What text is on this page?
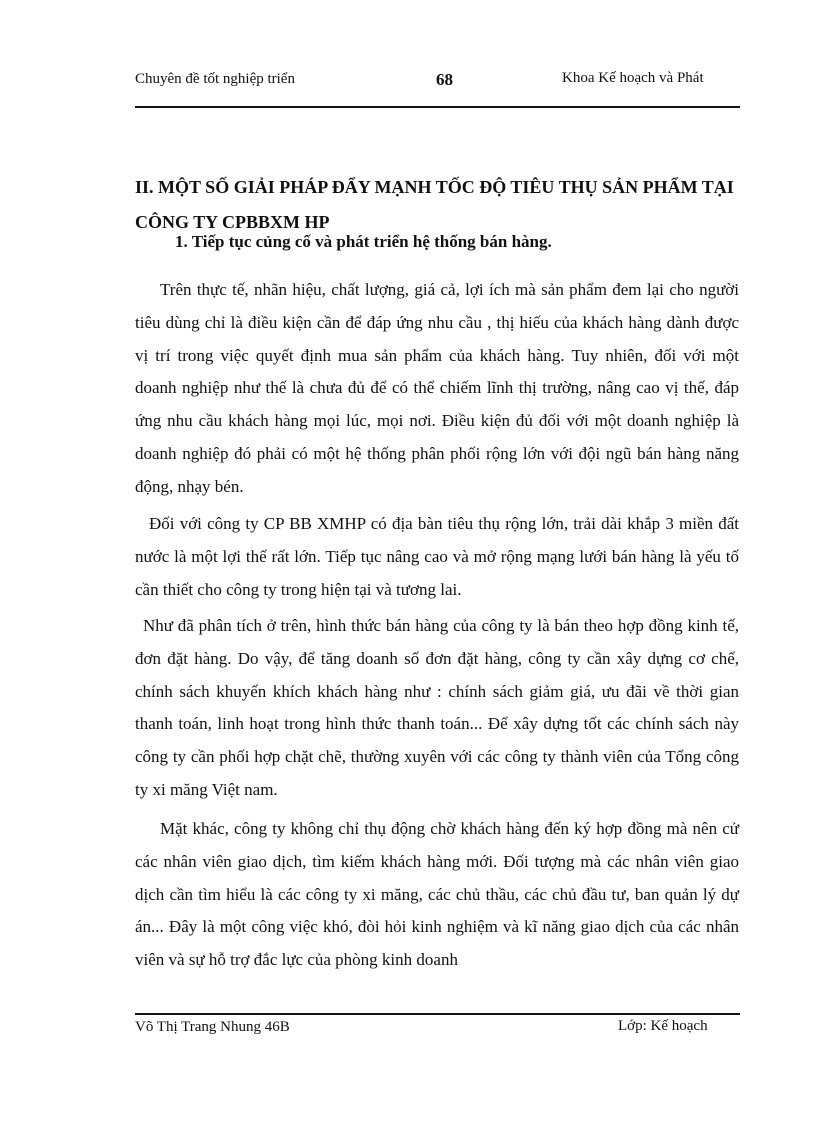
Chuyên đề tốt nghiệp triển	68	Khoa Kế hoạch và Phát
II. MỘT SỐ GIẢI PHÁP ĐẨY MẠNH TỐC ĐỘ TIÊU THỤ SẢN PHẨM TẠI CÔNG TY CPBBXM HP
1. Tiếp tục củng cố và phát triển hệ thống bán hàng.
Trên thực tế, nhãn hiệu, chất lượng, giá cả, lợi ích mà sản phẩm đem lại cho người tiêu dùng chỉ là điều kiện cần để đáp ứng nhu cầu , thị hiếu của khách hàng dành được vị trí trong việc quyết định mua sản phẩm của khách hàng. Tuy nhiên, đối với một doanh nghiệp như thế là chưa đủ để có thể chiếm lĩnh thị trường, nâng cao vị thế, đáp ứng nhu cầu khách hàng mọi lúc, mọi nơi. Điều kiện đủ đối với một doanh nghiệp là doanh nghiệp đó phải có một hệ thống phân phối rộng lớn với đội ngũ bán hàng năng động, nhạy bén.
Đối với công ty CP BB XMHP có địa bàn tiêu thụ rộng lớn, trải dài khắp 3 miền đất nước là một lợi thế rất lớn. Tiếp tục nâng cao và mở rộng mạng lưới bán hàng là yếu tố cần thiết cho công ty trong hiện tại và tương lai.
Như đã phân tích ở trên, hình thức bán hàng của công ty là bán theo hợp đồng kinh tế, đơn đặt hàng. Do vậy, để tăng doanh số đơn đặt hàng, công ty cần xây dựng cơ chế, chính sách khuyến khích khách hàng như : chính sách giảm giá, ưu đãi về thời gian thanh toán, linh hoạt trong hình thức thanh toán... Để xây dựng tốt các chính sách này công ty cần phối hợp chặt chẽ, thường xuyên với các công ty thành viên của Tổng công ty xi măng Việt nam.
Mặt khác, công ty không chỉ thụ động chờ khách hàng đến ký hợp đồng mà nên cử các nhân viên giao dịch, tìm kiếm khách hàng mới. Đối tượng mà các nhân viên giao dịch cần tìm hiểu là các công ty xi măng, các chủ thầu, các chủ đầu tư, ban quản lý dự án... Đây là một công việc khó, đòi hỏi kinh nghiệm và kĩ năng giao dịch của các nhân viên và sự hỗ trợ đắc lực của phòng kinh doanh
Võ Thị Trang Nhung 46B	Lớp: Kế hoạch
